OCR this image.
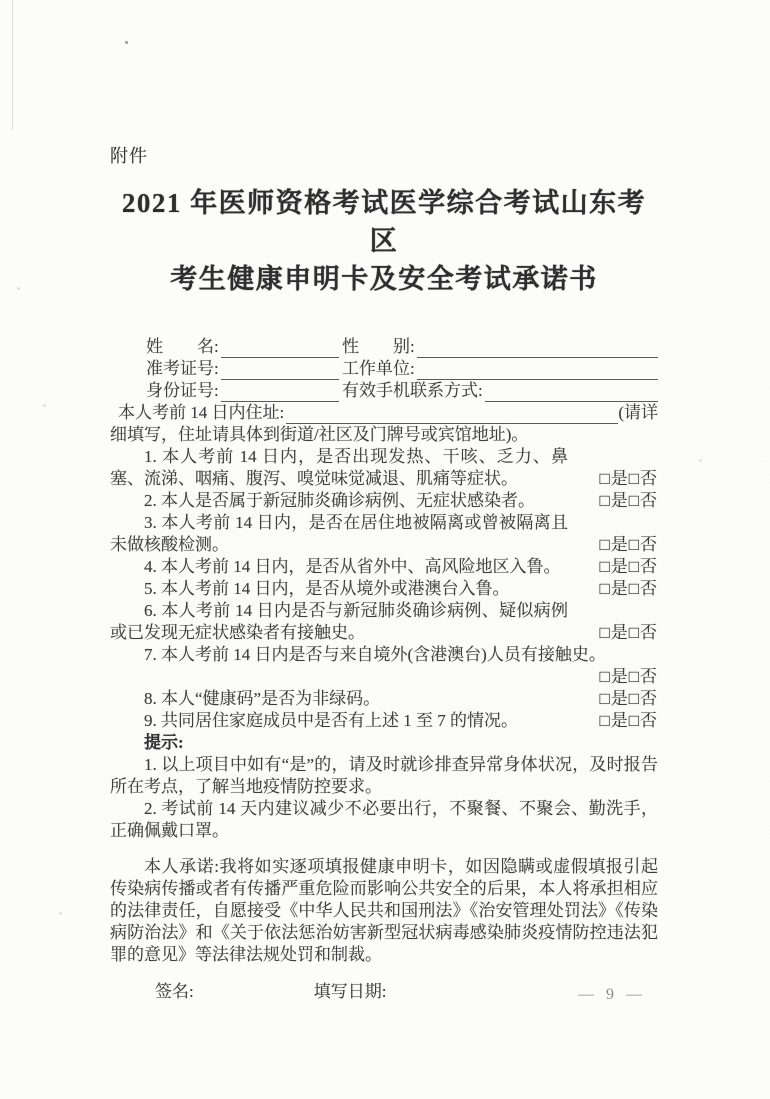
附件
2021 年医师资格考试医学综合考试山东考区
考生健康申明卡及安全考试承诺书
姓　　名:	性　　别:
准考证号:	工作单位:
身份证号:	有效手机联系方式:
本人考前 14 日内住址:	(请详
细填写，住址请具体到街道/社区及门牌号或宾馆地址)。
1. 本人考前 14 日内，是否出现发热、干咳、乏力、鼻塞、流涕、咽痛、腹泻、嗅觉味觉减退、肌痛等症状。	□是□否
2. 本人是否属于新冠肺炎确诊病例、无症状感染者。	□是□否
3. 本人考前 14 日内，是否在居住地被隔离或曾被隔离且未做核酸检测。	□是□否
4. 本人考前 14 日内，是否从省外中、高风险地区入鲁。 □是□否
5. 本人考前 14 日内，是否从境外或港澳台入鲁。	□是□否
6. 本人考前 14 日内是否与新冠肺炎确诊病例、疑似病例或已发现无症状感染者有接触史。	□是□否
7. 本人考前 14 日内是否与来自境外(含港澳台)人员有接触史。
□是□否
8. 本人“健康码”是否为非绿码。	□是□否
9. 共同居住家庭成员中是否有上述 1 至 7 的情况。	□是□否
提示:
1. 以上项目中如有“是”的，请及时就诊排查异常身体状况，及时报告所在考点，了解当地疫情防控要求。
2. 考试前 14 天内建议减少不必要出行，不聚餐、不聚会、勤洗手，正确佩戴口罩。

本人承诺:我将如实逐项填报健康申明卡，如因隐瞒或虚假填报引起传染病传播或者有传播严重危险而影响公共安全的后果，本人将承担相应的法律责任，自愿接受《中华人民共和国刑法》《治安管理处罚法》《传染病防治法》和《关于依法惩治妨害新型冠状病毒感染肺炎疫情防控违法犯罪的意见》等法律法规处罚和制裁。

签名:	填写日期:	— 9 —
